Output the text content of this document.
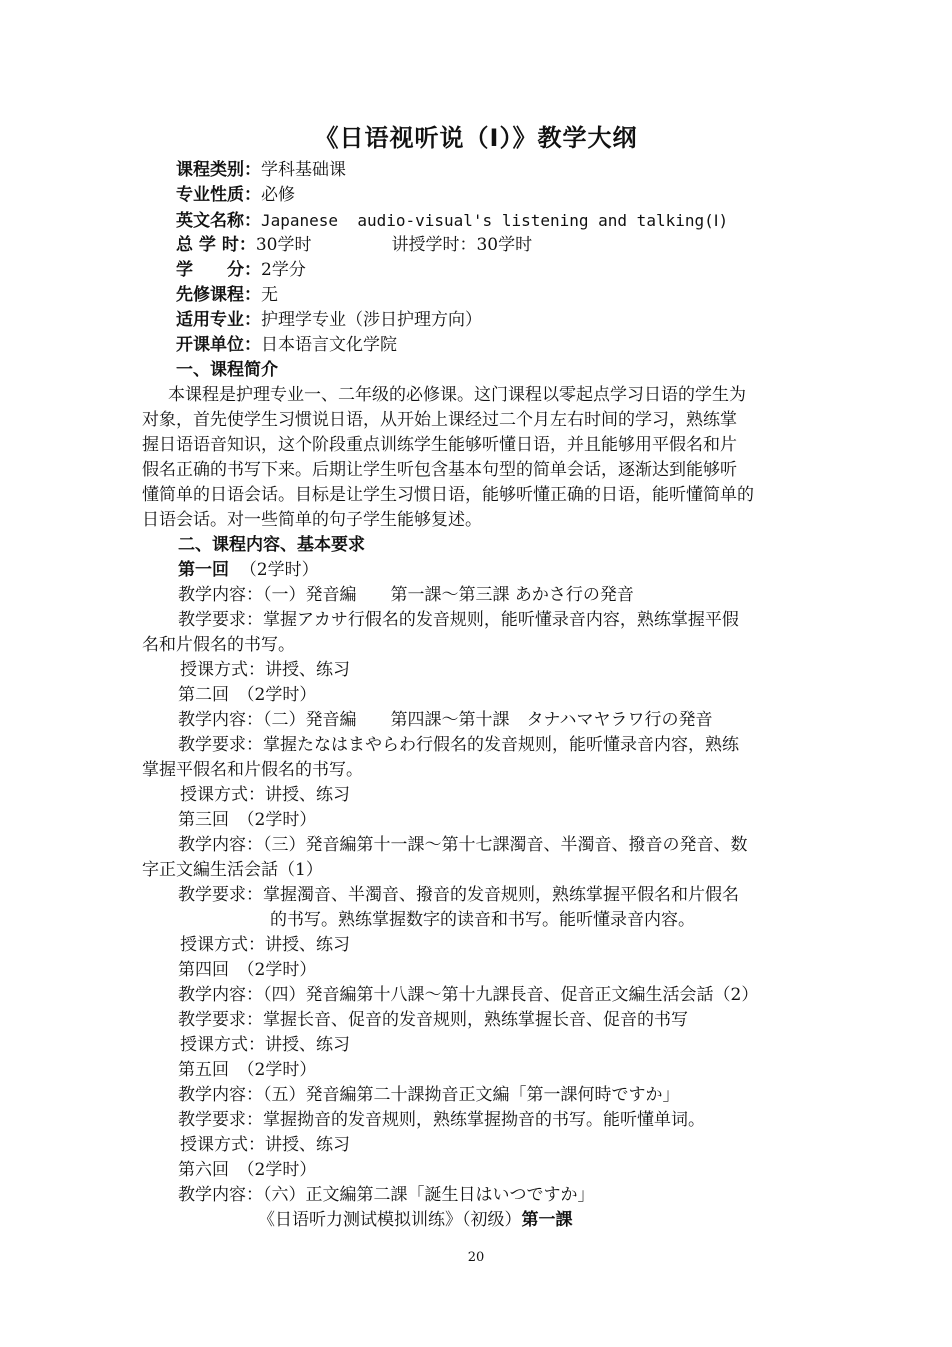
《日语视听说（Ⅰ）》教学大纲
课程类别：学科基础课
专业性质：必修
英文名称：Japanese  audio-visual's listening and talking(Ⅰ)
总 学 时：30学时	讲授学时：30学时
学　　分：2学分
先修课程：无
适用专业：护理学专业（涉日护理方向）
开课单位：日本语言文化学院
一、课程简介
本课程是护理专业一、二年级的必修课。这门课程以零起点学习日语的学生为
对象，首先使学生习惯说日语，从开始上课经过二个月左右时间的学习，熟练掌
握日语语音知识，这个阶段重点训练学生能够听懂日语，并且能够用平假名和片
假名正确的书写下来。后期让学生听包含基本句型的简单会话，逐渐达到能够听
懂简单的日语会话。目标是让学生习惯日语，能够听懂正确的日语，能听懂简单的
日语会话。对一些简单的句子学生能够复述。
二、课程内容、基本要求
第一回 （2学时）
教学内容：（一）発音編　　第一課～第三課 あかさ行の発音
教学要求：掌握アカサ行假名的发音规则，能听懂录音内容，熟练掌握平假
名和片假名的书写。
授课方式：讲授、练习
第二回　（2学时）
教学内容：（二）発音編　　第四課～第十課　タナハマヤラワ行の発音
教学要求：掌握たなはまやらわ行假名的发音规则，能听懂录音内容，熟练
掌握平假名和片假名的书写。
授课方式：讲授、练习
第三回　（2学时）
教学内容：（三）発音編第十一課～第十七課濁音、半濁音、撥音の発音、数
字正文編生活会話（1）
教学要求：掌握濁音、半濁音、撥音的发音规则，熟练掌握平假名和片假名
的书写。熟练掌握数字的读音和书写。能听懂录音内容。
授课方式：讲授、练习
第四回　（2学时）
教学内容：（四）発音編第十八課～第十九課長音、促音正文編生活会話（2）
教学要求：掌握长音、促音的发音规则，熟练掌握长音、促音的书写
授课方式：讲授、练习
第五回　（2学时）
教学内容：（五）発音編第二十課拗音正文編「第一課何時ですか」
教学要求：掌握拗音的发音规则，熟练掌握拗音的书写。能听懂单词。
授课方式：讲授、练习
第六回　（2学时）
教学内容：（六）正文編第二課「誕生日はいつですか」
《日语听力测试模拟训练》（初级）第一課
20
